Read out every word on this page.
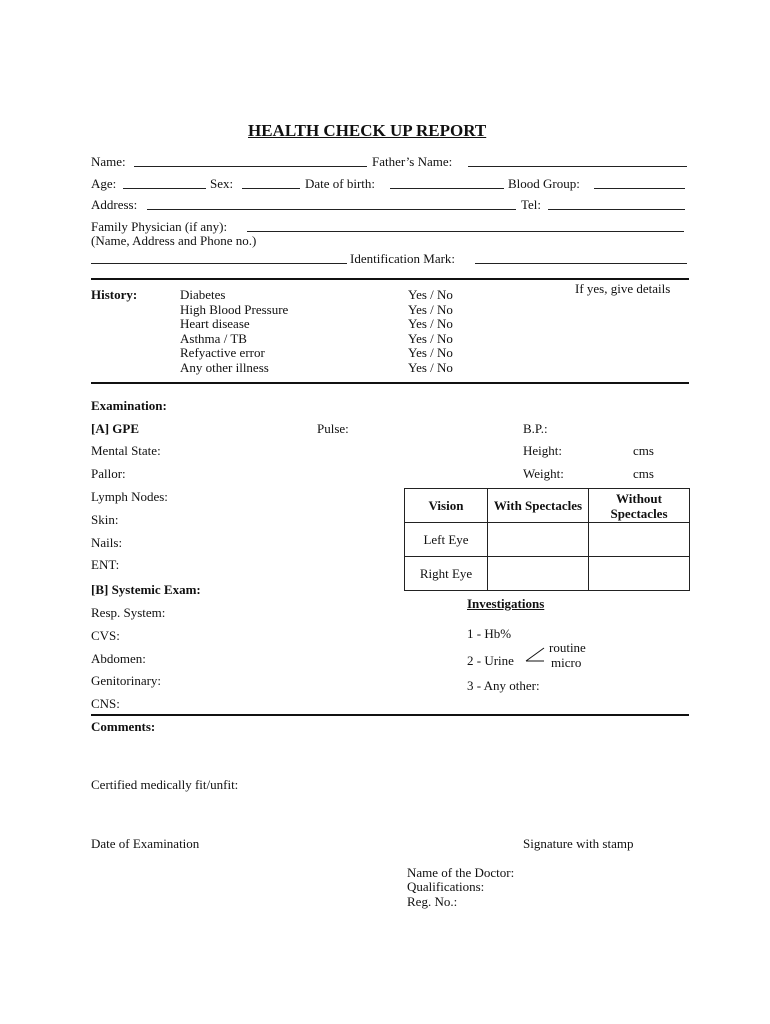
HEALTH CHECK UP REPORT
Name:	Father’s Name:
Age:	Sex:	Date of birth:	Blood Group:
Address:	Tel:
Family Physician (if any):
(Name, Address and Phone no.)
Identification Mark:
History:	If yes, give details
Diabetes	Yes / No
High Blood Pressure	Yes / No
Heart disease	Yes / No
Asthma / TB	Yes / No
Refyactive error	Yes / No
Any other illness	Yes / No
Examination:
[A] GPE	Pulse:	B.P.:
Mental State:	Height:	cms
Pallor:	Weight:	cms
Lymph Nodes:
Skin:
Nails:
ENT:
[B] Systemic Exam:
Resp. System:
CVS:
Abdomen:
Genitorinary:
CNS:
Vision	With Spectacles	Without Spectacles
Left Eye		
Right Eye		
Investigations
1 - Hb%
2 - Urine
routine
micro
3 - Any other:
Comments:
Certified medically fit/unfit:
Date of Examination	Signature with stamp
Name of the Doctor:
Qualifications:
Reg. No.:
